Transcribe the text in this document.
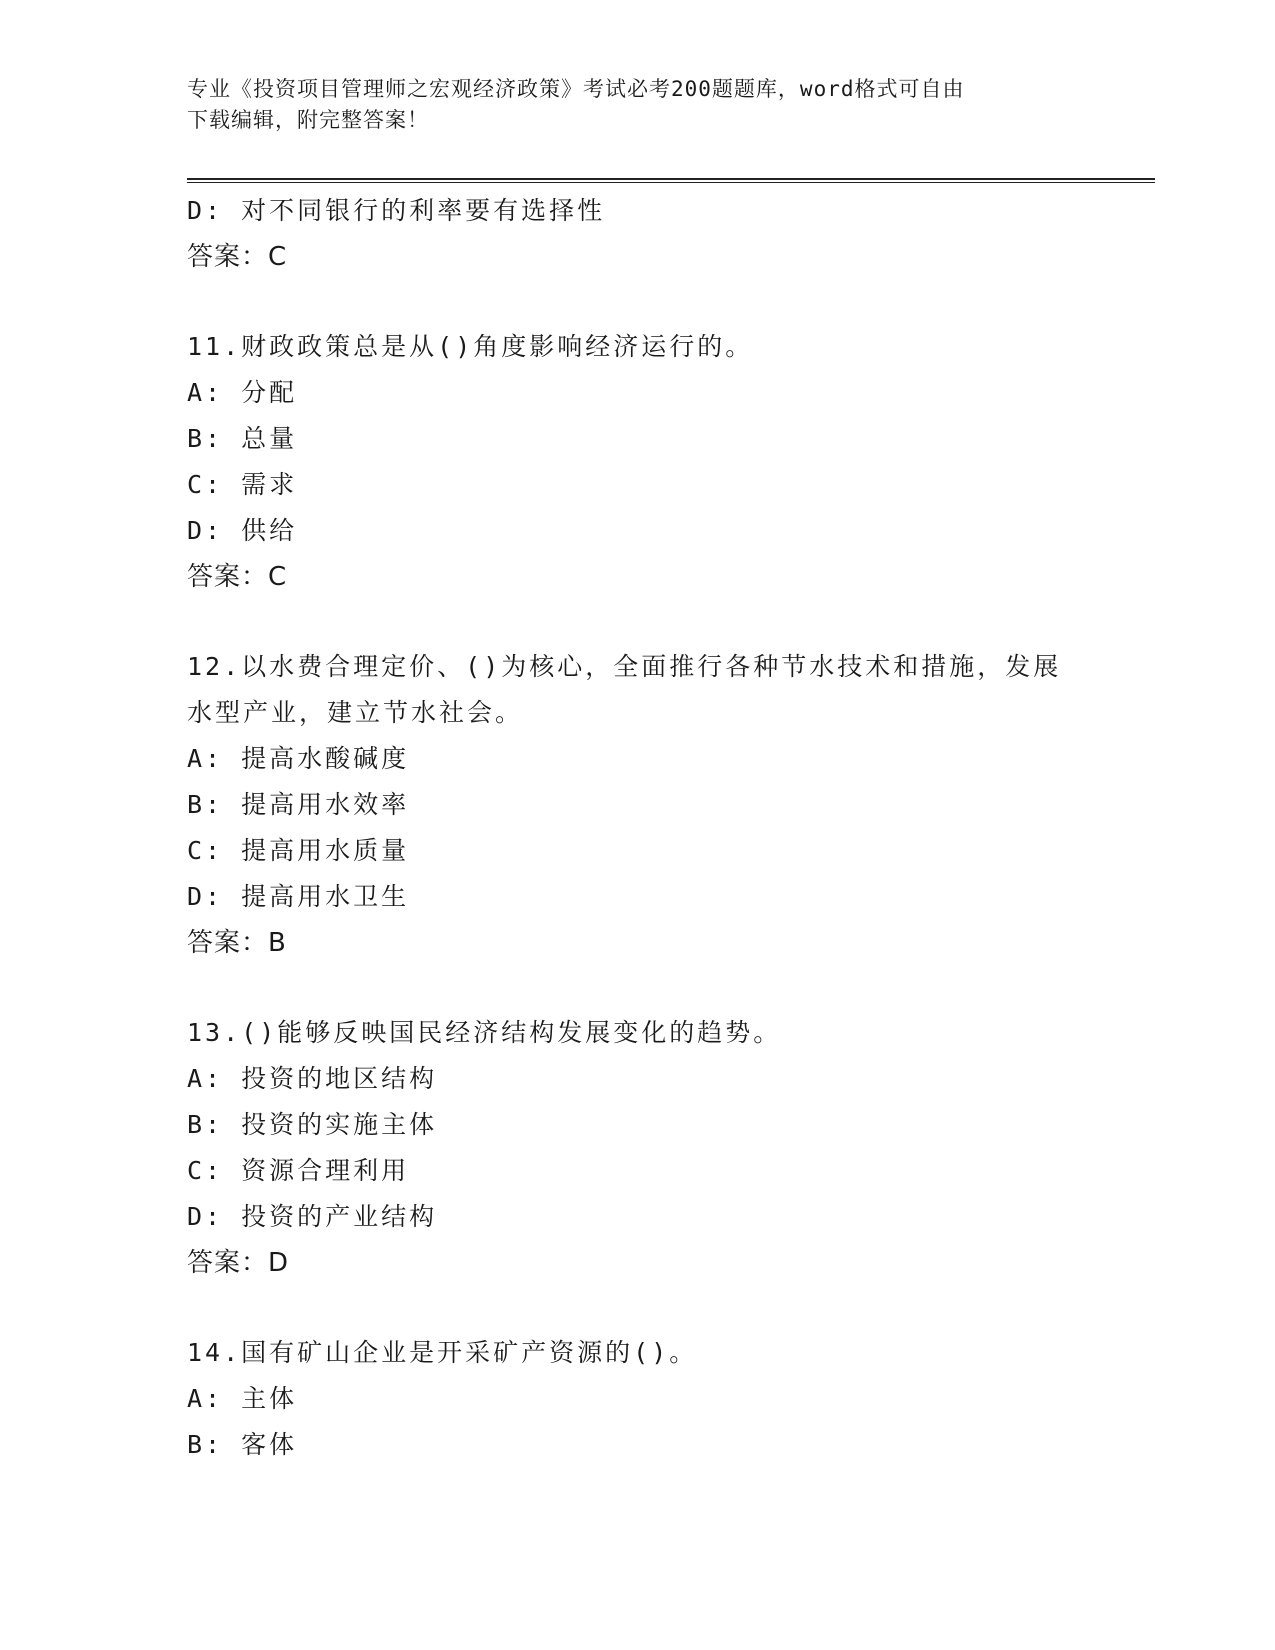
专业《投资项目管理师之宏观经济政策》考试必考200题题库，word格式可自由
下载编辑，附完整答案！
D: 对不同银行的利率要有选择性
答案：C
11.财政政策总是从()角度影响经济运行的。
A: 分配
B: 总量
C: 需求
D: 供给
答案：C
12.以水费合理定价、()为核心，全面推行各种节水技术和措施，发展
水型产业，建立节水社会。
A: 提高水酸碱度
B: 提高用水效率
C: 提高用水质量
D: 提高用水卫生
答案：B
13.()能够反映国民经济结构发展变化的趋势。
A: 投资的地区结构
B: 投资的实施主体
C: 资源合理利用
D: 投资的产业结构
答案：D
14.国有矿山企业是开采矿产资源的()。
A: 主体
B: 客体
